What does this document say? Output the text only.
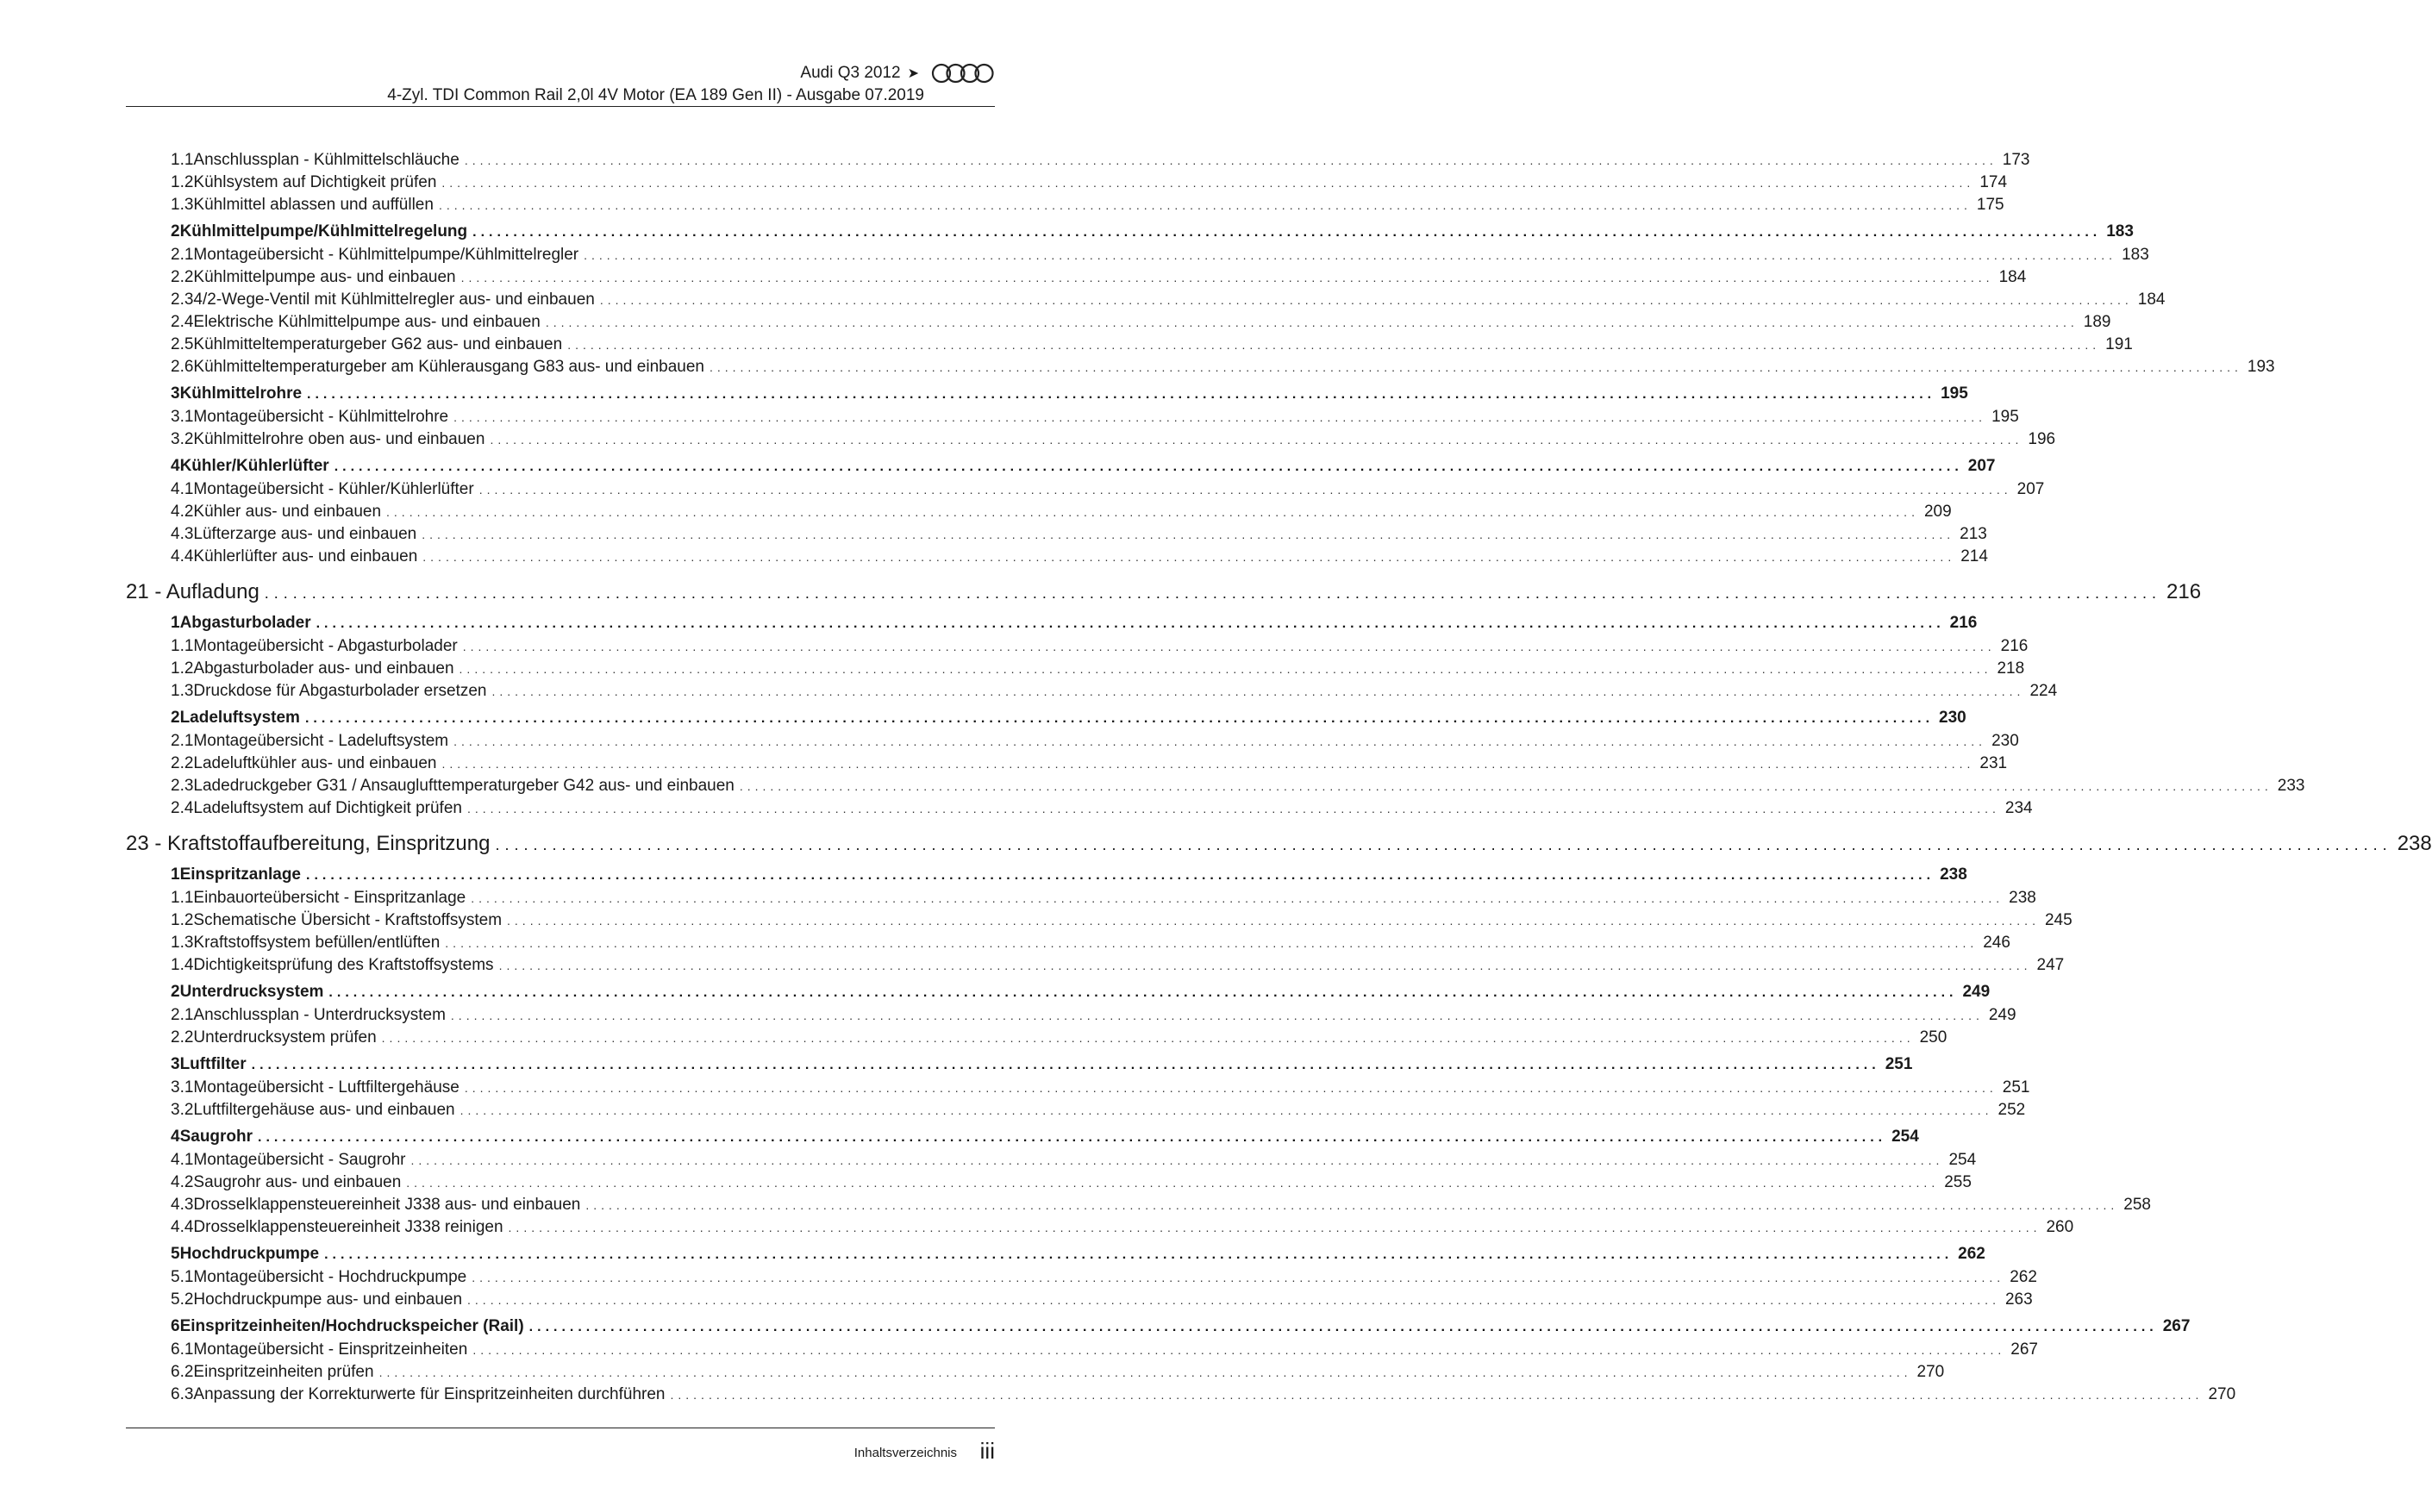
Audi Q3 2012 ➤
4-Zyl. TDI Common Rail 2,0l 4V Motor (EA 189 Gen II) - Ausgabe 07.2019
1.1 Anschlussplan - Kühlmittelschläuche ........................................................................................................................................................................................................ 173
1.2 Kühlsystem auf Dichtigkeit prüfen ........................................................................................................................................................................................................ 174
1.3 Kühlmittel ablassen und auffüllen ........................................................................................................................................................................................................ 175
2 Kühlmittelpumpe/Kühlmittelregelung ........................................................................................................................................................................................................ 183
2.1 Montageübersicht - Kühlmittelpumpe/Kühlmittelregler ........................................................................................................................................................................................................ 183
2.2 Kühlmittelpumpe aus- und einbauen ........................................................................................................................................................................................................ 184
2.3 4/2-Wege-Ventil mit Kühlmittelregler aus- und einbauen ........................................................................................................................................................................................................ 184
2.4 Elektrische Kühlmittelpumpe aus- und einbauen ........................................................................................................................................................................................................ 189
2.5 Kühlmitteltemperaturgeber G62 aus- und einbauen ........................................................................................................................................................................................................ 191
2.6 Kühlmitteltemperaturgeber am Kühlerausgang G83 aus- und einbauen ........................................................................................................................................................................................................ 193
3 Kühlmittelrohre ........................................................................................................................................................................................................ 195
3.1 Montageübersicht - Kühlmittelrohre ........................................................................................................................................................................................................ 195
3.2 Kühlmittelrohre oben aus- und einbauen ........................................................................................................................................................................................................ 196
4 Kühler/Kühlerlüfter ........................................................................................................................................................................................................ 207
4.1 Montageübersicht - Kühler/Kühlerlüfter ........................................................................................................................................................................................................ 207
4.2 Kühler aus- und einbauen ........................................................................................................................................................................................................ 209
4.3 Lüfterzarge aus- und einbauen ........................................................................................................................................................................................................ 213
4.4 Kühlerlüfter aus- und einbauen ........................................................................................................................................................................................................ 214
21 - Aufladung ........................................................................................................................................................................................................ 216
1 Abgasturbolader ........................................................................................................................................................................................................ 216
1.1 Montageübersicht - Abgasturbolader ........................................................................................................................................................................................................ 216
1.2 Abgasturbolader aus- und einbauen ........................................................................................................................................................................................................ 218
1.3 Druckdose für Abgasturbolader ersetzen ........................................................................................................................................................................................................ 224
2 Ladeluftsystem ........................................................................................................................................................................................................ 230
2.1 Montageübersicht - Ladeluftsystem ........................................................................................................................................................................................................ 230
2.2 Ladeluftkühler aus- und einbauen ........................................................................................................................................................................................................ 231
2.3 Ladedruckgeber G31 / Ansauglufttemperaturgeber G42 aus- und einbauen ........................................................................................................................................................................................................ 233
2.4 Ladeluftsystem auf Dichtigkeit prüfen ........................................................................................................................................................................................................ 234
23 - Kraftstoffaufbereitung, Einspritzung ........................................................................................................................................................................................................ 238
1 Einspritzanlage ........................................................................................................................................................................................................ 238
1.1 Einbauorteübersicht - Einspritzanlage ........................................................................................................................................................................................................ 238
1.2 Schematische Übersicht - Kraftstoffsystem ........................................................................................................................................................................................................ 245
1.3 Kraftstoffsystem befüllen/entlüften ........................................................................................................................................................................................................ 246
1.4 Dichtigkeitsprüfung des Kraftstoffsystems ........................................................................................................................................................................................................ 247
2 Unterdrucksystem ........................................................................................................................................................................................................ 249
2.1 Anschlussplan - Unterdrucksystem ........................................................................................................................................................................................................ 249
2.2 Unterdrucksystem prüfen ........................................................................................................................................................................................................ 250
3 Luftfilter ........................................................................................................................................................................................................ 251
3.1 Montageübersicht - Luftfiltergehäuse ........................................................................................................................................................................................................ 251
3.2 Luftfiltergehäuse aus- und einbauen ........................................................................................................................................................................................................ 252
4 Saugrohr ........................................................................................................................................................................................................ 254
4.1 Montageübersicht - Saugrohr ........................................................................................................................................................................................................ 254
4.2 Saugrohr aus- und einbauen ........................................................................................................................................................................................................ 255
4.3 Drosselklappensteuereinheit J338 aus- und einbauen ........................................................................................................................................................................................................ 258
4.4 Drosselklappensteuereinheit J338 reinigen ........................................................................................................................................................................................................ 260
5 Hochdruckpumpe ........................................................................................................................................................................................................ 262
5.1 Montageübersicht - Hochdruckpumpe ........................................................................................................................................................................................................ 262
5.2 Hochdruckpumpe aus- und einbauen ........................................................................................................................................................................................................ 263
6 Einspritzeinheiten/Hochdruckspeicher (Rail) ........................................................................................................................................................................................................ 267
6.1 Montageübersicht - Einspritzeinheiten ........................................................................................................................................................................................................ 267
6.2 Einspritzeinheiten prüfen ........................................................................................................................................................................................................ 270
6.3 Anpassung der Korrekturwerte für Einspritzeinheiten durchführen ........................................................................................................................................................................................................ 270
Inhaltsverzeichnis iii
